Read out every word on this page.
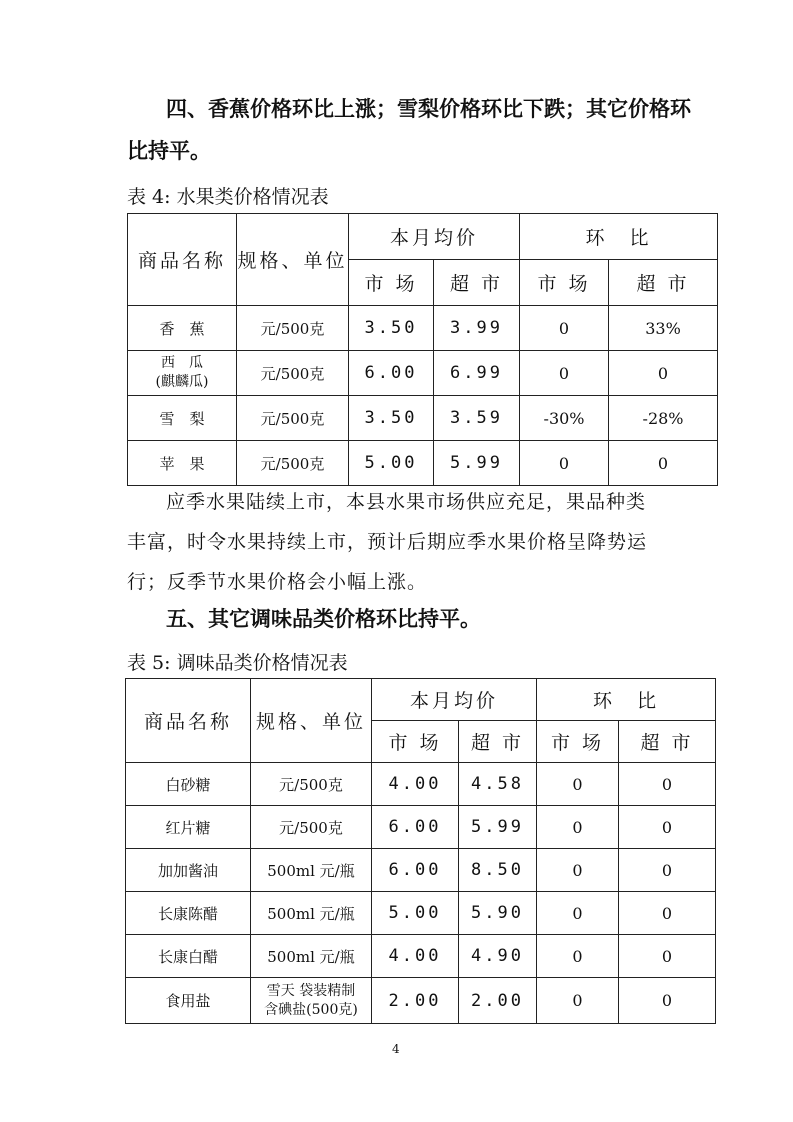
四、香蕉价格环比上涨；雪梨价格环比下跌；其它价格环
比持平。
表 4: 水果类价格情况表
商品名称	规格、单位	本月均价		环　比	
		市 场	超 市	市 场	超 市
香　蕉	元/500克	3.50	3.99	0	33%

西　瓜
(麒麟瓜)	元/500克	6.00	6.99	0	0
雪　梨	元/500克	3.50	3.59	-30%	-28%
苹　果	元/500克	5.00	5.99	0	0
应季水果陆续上市，本县水果市场供应充足，果品种类
丰富，时令水果持续上市，预计后期应季水果价格呈降势运
行；反季节水果价格会小幅上涨。
五、其它调味品类价格环比持平。
表 5: 调味品类价格情况表
商品名称	规格、单位	本月均价		环　比	
		市 场	超 市	市 场	超 市
白砂糖	元/500克	4.00	4.58	0	0
红片糖	元/500克	6.00	5.99	0	0
加加酱油	500ml 元/瓶	6.00	8.50	0	0
长康陈醋	500ml 元/瓶	5.00	5.90	0	0
长康白醋	500ml 元/瓶	4.00	4.90	0	0
食用盐	雪天 袋装精制
含碘盐(500克)	2.00	2.00	0	0
4
